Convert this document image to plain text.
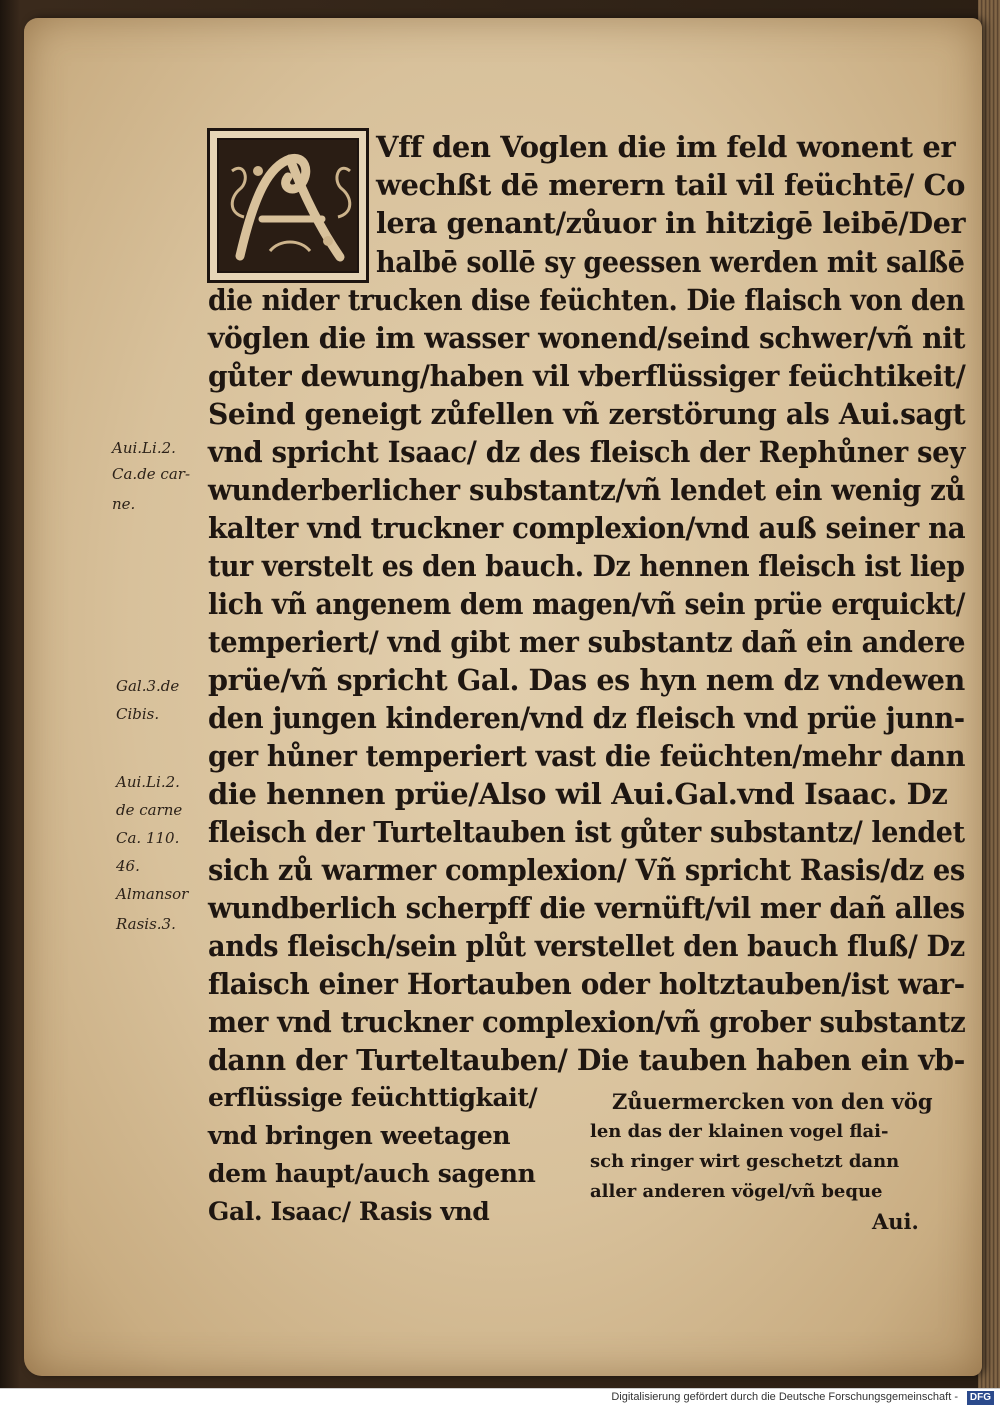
Vff den Voglen die im feld wonent er
wechßt dē merern tail vil feüchtē/ Co
lera genant/zůuor in hitzigē leibē/Der
halbē sollē sy geessen werden mit salßē
die nider trucken dise feüchten. Die flaisch von den
vöglen die im wasser wonend/seind schwer/vñ nit
gůter dewung/haben vil vberflüssiger feüchtikeit/
Seind geneigt zůfellen vñ zerstörung als Aui.sagt
vnd spricht Isaac/ dz des fleisch der Rephůner sey
wunderberlicher substantz/vñ lendet ein wenig zů
kalter vnd truckner complexion/vnd auß seiner na
tur verstelt es den bauch. Dz hennen fleisch ist liep
lich vñ angenem dem magen/vñ sein prüe erquickt/
temperiert/ vnd gibt mer substantz dañ ein andere
prüe/vñ spricht Gal. Das es hyn nem dz vndewen
den jungen kinderen/vnd dz fleisch vnd prüe junn-
ger hůner temperiert vast die feüchten/mehr dann
die hennen prüe/Also wil Aui.Gal.vnd Isaac. Dz
fleisch der Turteltauben ist gůter substantz/ lendet
sich zů warmer complexion/ Vñ spricht Rasis/dz es
wundberlich scherpff die vernüft/vil mer dañ alles
ands fleisch/sein plůt verstellet den bauch fluß/ Dz
flaisch einer Hortauben oder holtztauben/ist war-
mer vnd truckner complexion/vñ grober substantz
dann der Turteltauben/ Die tauben haben ein vb-
erflüssige feüchttigkait/
vnd bringen weetagen
dem haupt/auch sagenn
Gal. Isaac/ Rasis vnd
Zůuermercken von den vög
len das der klainen vogel flai-
sch ringer wirt geschetzt dann
aller anderen vögel/vñ beque
Aui.
Aui.Li.2.
Ca.de car-
ne.
Gal.3.de
Cibis.
Aui.Li.2.
de carne
Ca. 110.
46.
Almansor
Rasis.3.
Digitalisierung gefördert durch die Deutsche Forschungsgemeinschaft -	DFG
